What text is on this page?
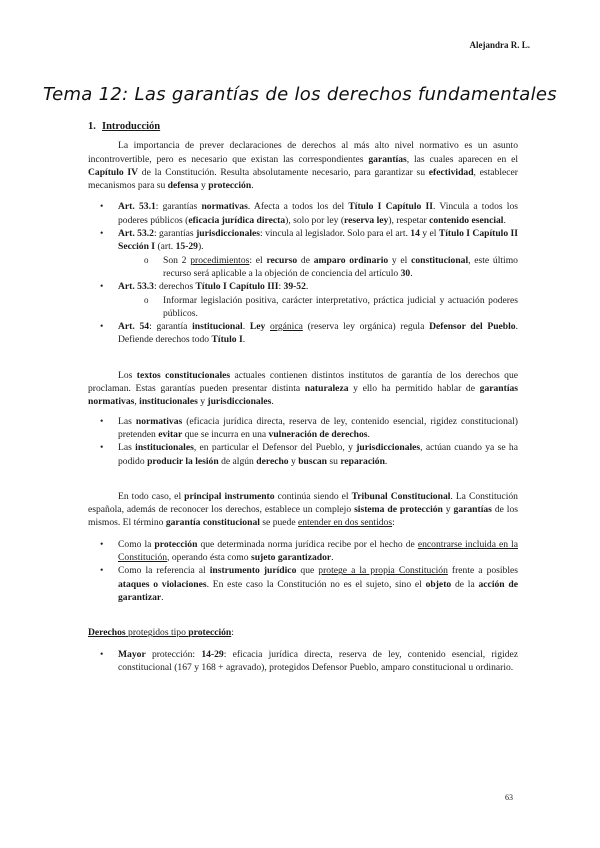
Alejandra R. L.
Tema 12: Las garantías de los derechos fundamentales
1. Introducción

La importancia de prever declaraciones de derechos al más alto nivel normativo es un asunto incontrovertible, pero es necesario que existan las correspondientes garantías, las cuales aparecen en el Capítulo IV de la Constitución. Resulta absolutamente necesario, para garantizar su efectividad, establecer mecanismos para su defensa y protección.

• Art. 53.1: garantías normativas. Afecta a todos los del Título I Capítulo II. Vincula a todos los poderes públicos (eficacia jurídica directa), solo por ley (reserva ley), respetar contenido esencial.
• Art. 53.2: garantías jurisdiccionales: vincula al legislador. Solo para el art. 14 y el Título I Capítulo II Sección I (art. 15-29).
o Son 2 procedimientos: el recurso de amparo ordinario y el constitucional, este último recurso será aplicable a la objeción de conciencia del artículo 30.
• Art. 53.3: derechos Título I Capítulo III: 39-52.
o Informar legislación positiva, carácter interpretativo, práctica judicial y actuación poderes públicos.
• Art. 54: garantía institucional. Ley orgánica (reserva ley orgánica) regula Defensor del Pueblo. Defiende derechos todo Título I.

Los textos constitucionales actuales contienen distintos institutos de garantía de los derechos que proclaman. Estas garantías pueden presentar distinta naturaleza y ello ha permitido hablar de garantías normativas, institucionales y jurisdiccionales.

• Las normativas (eficacia jurídica directa, reserva de ley, contenido esencial, rigidez constitucional) pretenden evitar que se incurra en una vulneración de derechos.
• Las institucionales, en particular el Defensor del Pueblo, y jurisdiccionales, actúan cuando ya se ha podido producir la lesión de algún derecho y buscan su reparación.

En todo caso, el principal instrumento continúa siendo el Tribunal Constitucional. La Constitución española, además de reconocer los derechos, establece un complejo sistema de protección y garantías de los mismos. El término garantía constitucional se puede entender en dos sentidos:

• Como la protección que determinada norma jurídica recibe por el hecho de encontrarse incluida en la Constitución, operando ésta como sujeto garantizador.
• Como la referencia al instrumento jurídico que protege a la propia Constitución frente a posibles ataques o violaciones. En este caso la Constitución no es el sujeto, sino el objeto de la acción de garantizar.

Derechos protegidos tipo protección:

• Mayor protección: 14-29: eficacia jurídica directa, reserva de ley, contenido esencial, rigidez constitucional (167 y 168 + agravado), protegidos Defensor Pueblo, amparo constitucional u ordinario.
63
